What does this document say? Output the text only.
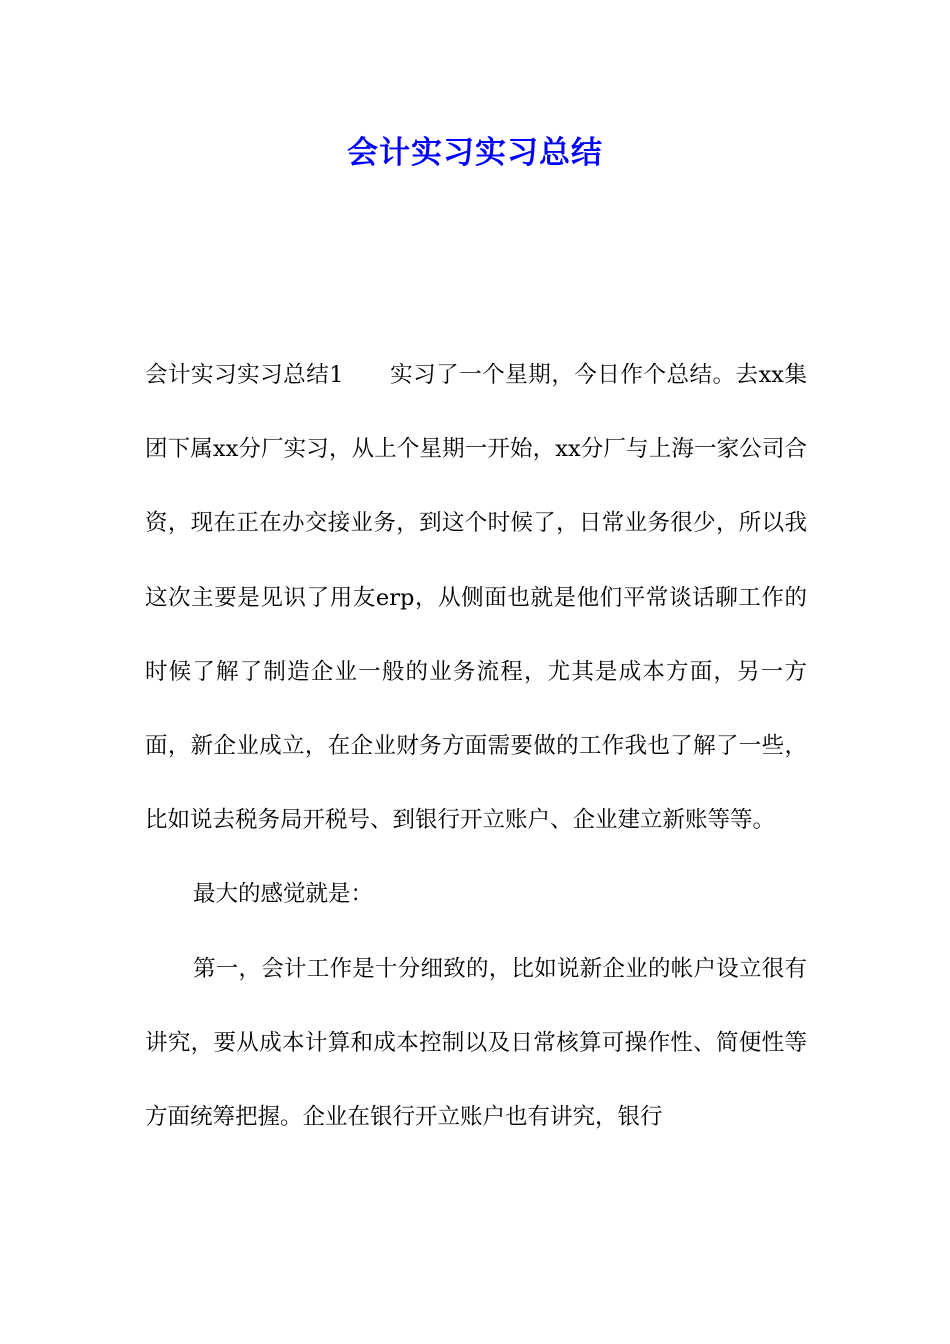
会计实习实习总结

会计实习实习总结1　　实习了一个星期，今日作个总结。去xx集团下属xx分厂实习，从上个星期一开始，xx分厂与上海一家公司合资，现在正在办交接业务，到这个时候了，日常业务很少，所以我这次主要是见识了用友erp，从侧面也就是他们平常谈话聊工作的时候了解了制造企业一般的业务流程，尤其是成本方面，另一方面，新企业成立，在企业财务方面需要做的工作我也了解了一些，比如说去税务局开税号、到银行开立账户、企业建立新账等等。

最大的感觉就是：

第一，会计工作是十分细致的，比如说新企业的帐户设立很有讲究，要从成本计算和成本控制以及日常核算可操作性、简便性等方面统筹把握。企业在银行开立账户也有讲究，银行
